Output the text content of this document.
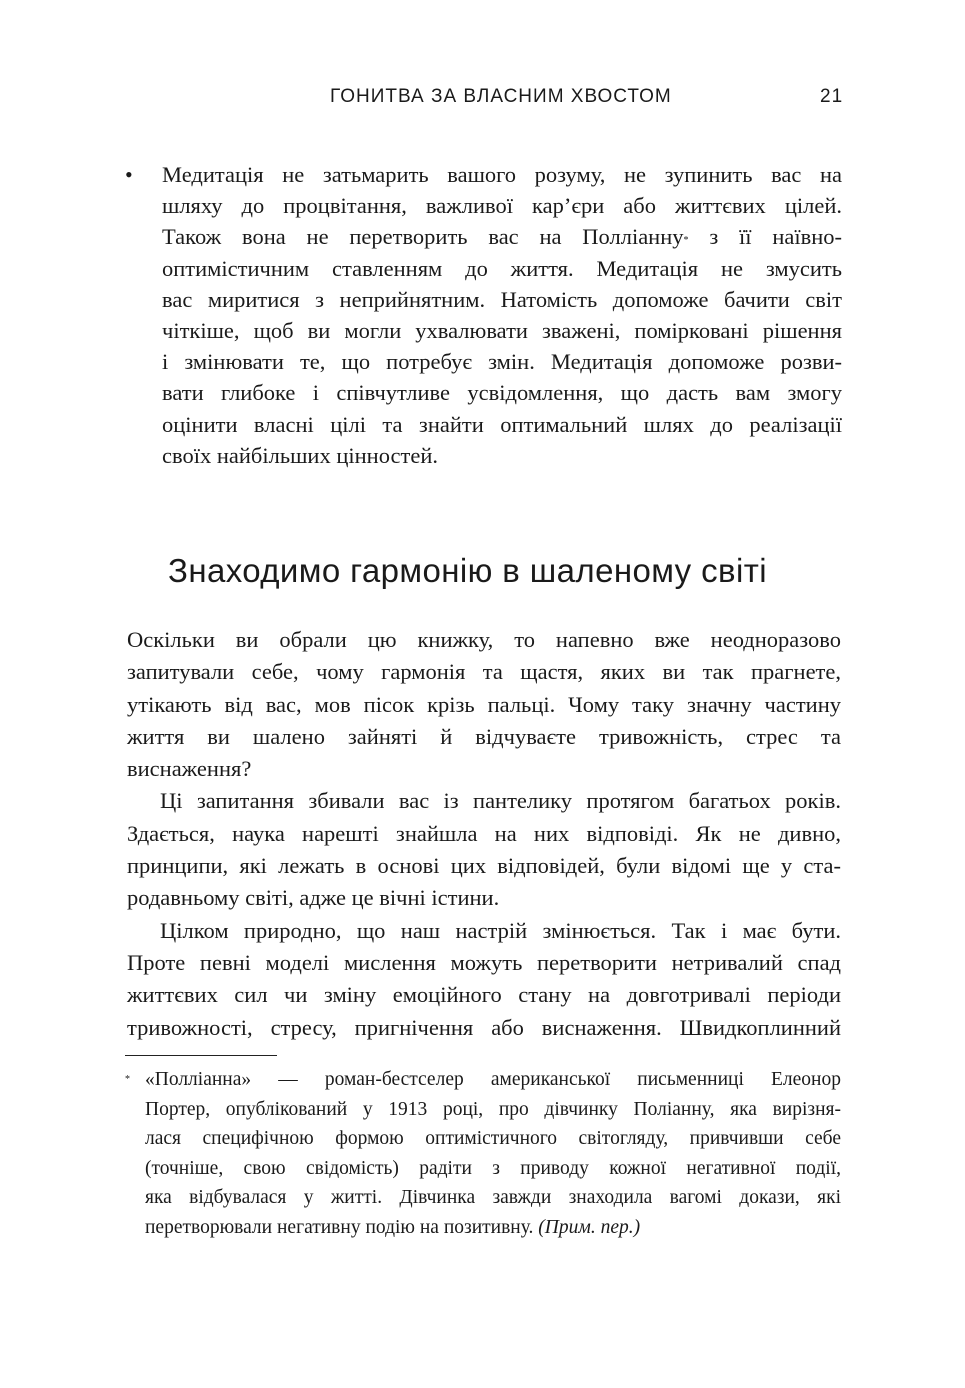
ГОНИТВА ЗА ВЛАСНИМ ХВОСТОМ	21
• Медитація не затьмарить вашого розуму, не зупинить вас на
шляху до процвітання, важливої кар’єри або життєвих цілей.
Також вона не перетворить вас на Полліанну* з її наївно-
оптимістичним ставленням до життя. Медитація не змусить
вас миритися з неприйнятним. Натомість допоможе бачити світ
чіткіше, щоб ви могли ухвалювати зважені, помірковані рішення
і змінювати те, що потребує змін. Медитація допоможе розви-
вати глибоке і співчутливе усвідомлення, що дасть вам змогу
оцінити власні цілі та знайти оптимальний шлях до реалізації
своїх найбільших цінностей.
Знаходимо гармонію в шаленому світі
Оскільки ви обрали цю книжку, то напевно вже неодноразово
запитували себе, чому гармонія та щастя, яких ви так прагнете,
утікають від вас, мов пісок крізь пальці. Чому таку значну частину
життя ви шалено зайняті й відчуваєте тривожність, стрес та
виснаження?
Ці запитання збивали вас із пантелику протягом багатьох років.
Здається, наука нарешті знайшла на них відповіді. Як не дивно,
принципи, які лежать в основі цих відповідей, були відомі ще у ста-
родавньому світі, адже це вічні істини.
Цілком природно, що наш настрій змінюється. Так і має бути.
Проте певні моделі мислення можуть перетворити нетривалий спад
життєвих сил чи зміну емоційного стану на довготривалі періоди
тривожності, стресу, пригнічення або виснаження. Швидкоплинний
* «Полліанна» — роман-бестселер американської письменниці Елеонор
Портер, опублікований у 1913 році, про дівчинку Поліанну, яка вирізня-
лася специфічною формою оптимістичного світогляду, привчивши себе
(точніше, свою свідомість) радіти з приводу кожної негативної події,
яка відбувалася у житті. Дівчинка завжди знаходила вагомі докази, які
перетворювали негативну подію на позитивну. (Прим. пер.)
